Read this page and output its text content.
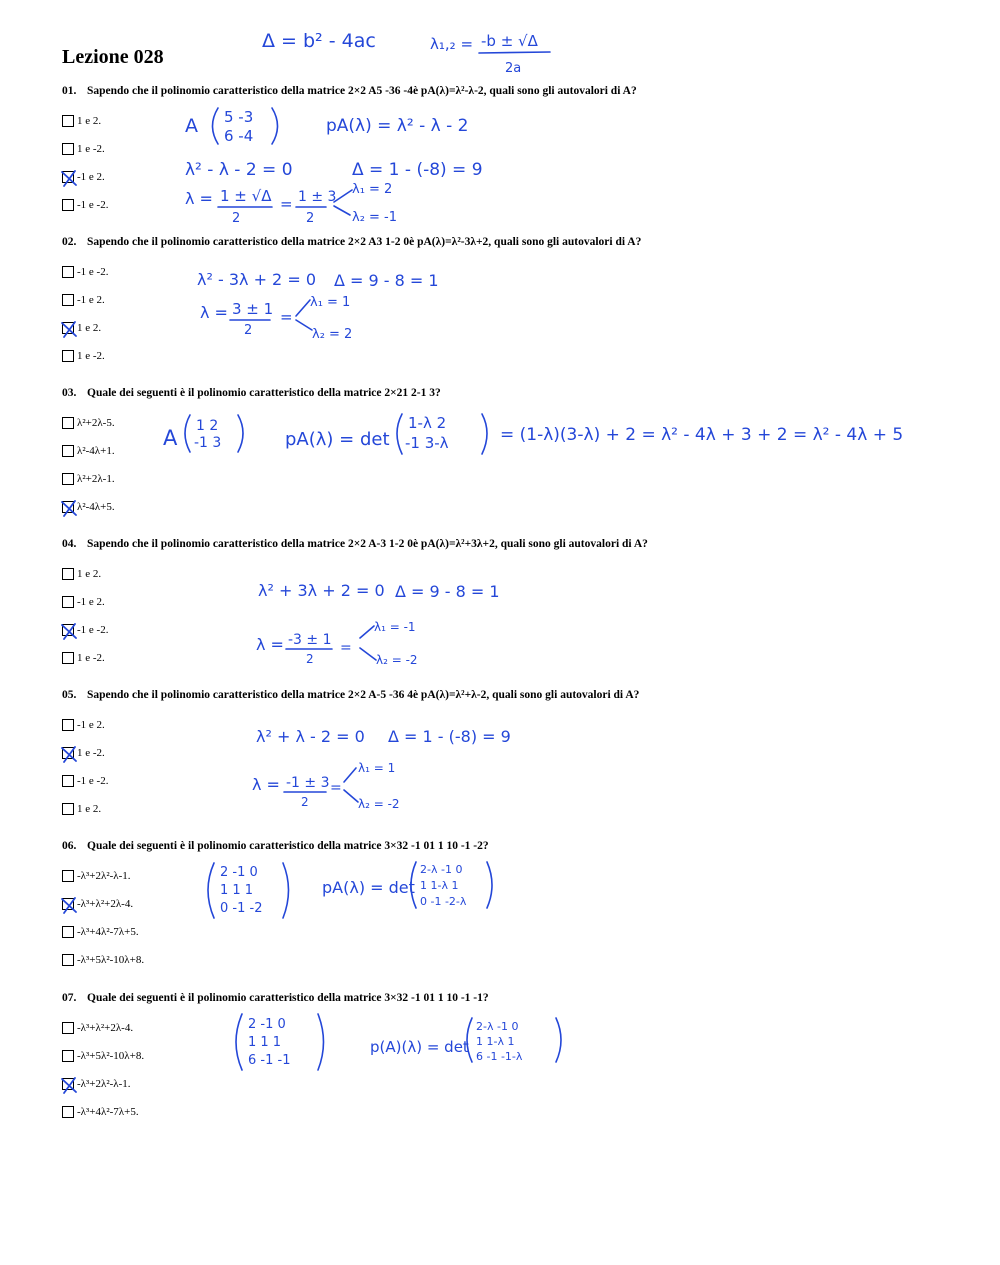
Lezione 028
01. Sapendo che il polinomio caratteristico della matrice 2×2 A5 -36 -4è pA(λ)=λ²-λ-2, quali sono gli autovalori di A?
1 e 2.
1 e -2.
-1 e 2.
-1 e -2.
02. Sapendo che il polinomio caratteristico della matrice 2×2 A3 1-2 0è pA(λ)=λ²-3λ+2, quali sono gli autovalori di A?
-1 e -2.
-1 e 2.
1 e 2.
1 e -2.
03. Quale dei seguenti è il polinomio caratteristico della matrice 2×21 2-1 3?
λ²+2λ-5.
λ²-4λ+1.
λ²+2λ-1.
λ²-4λ+5.
04. Sapendo che il polinomio caratteristico della matrice 2×2 A-3 1-2 0è pA(λ)=λ²+3λ+2, quali sono gli autovalori di A?
1 e 2.
-1 e 2.
-1 e -2.
1 e -2.
05. Sapendo che il polinomio caratteristico della matrice 2×2 A-5 -36 4è pA(λ)=λ²+λ-2, quali sono gli autovalori di A?
-1 e 2.
1 e -2.
-1 e -2.
1 e 2.
06. Quale dei seguenti è il polinomio caratteristico della matrice 3×32 -1 01 1 10 -1 -2?
-λ³+2λ²-λ-1.
-λ³+λ²+2λ-4.
-λ³+4λ²-7λ+5.
-λ³+5λ²-10λ+8.
07. Quale dei seguenti è il polinomio caratteristico della matrice 3×32 -1 01 1 10 -1 -1?
-λ³+λ²+2λ-4.
-λ³+5λ²-10λ+8.
-λ³+2λ²-λ-1.
-λ³+4λ²-7λ+5.
Δ = b² - 4ac	λ₁,₂ = -b ± √Δ
2a
A 5 -3
6 -4	pA(λ) = λ² - λ - 2
λ² - λ - 2 = 0	Δ = 1 - (-8) = 9
λ = 1 ± √Δ
2
= 1 ± 3
2
λ₁ = 2
λ₂ = -1
λ² - 3λ + 2 = 0 Δ = 9 - 8 = 1
λ = 3 ± 1
2
=
λ₁ = 1
λ₂ = 2
A 1 2
-1 3	pA(λ) = det
1-λ 2
-1 3-λ	= (1-λ)(3-λ) + 2 = λ² - 4λ + 3 + 2 = λ² - 4λ + 5
λ² + 3λ + 2 = 0 Δ = 9 - 8 = 1
λ = -3 ± 1
2
=
λ₁ = -1
λ₂ = -2
λ² + λ - 2 = 0 Δ = 1 - (-8) = 9
λ = -1 ± 3
2
=
λ₁ = 1
λ₂ = -2
2 -1 0
1 1 1
0 -1 -2
pA(λ) = det
2-λ -1 0
1 1-λ 1
0 -1 -2-λ
2 -1 0
1 1 1
6 -1 -1
p(A)(λ) = det
2-λ -1 0
1 1-λ 1
6 -1 -1-λ
